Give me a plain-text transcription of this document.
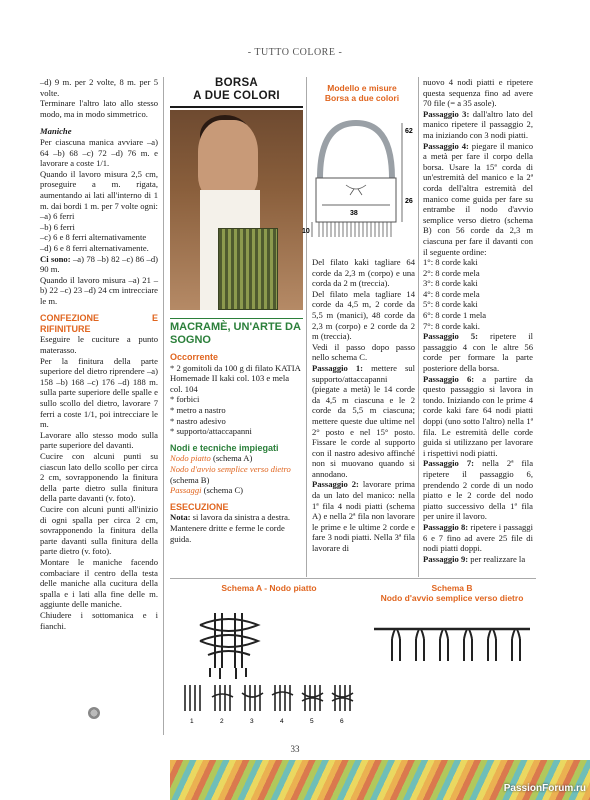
- TUTTO COLORE -

–d) 9 m. per 2 volte, 8 m. per 5 volte.

Terminare l'altro lato allo stesso modo, ma in modo simmetrico.

Maniche

Per ciascuna manica avviare –a) 64 –b) 68 –c) 72 –d) 76 m. e lavorare a coste 1/1.

Quando il lavoro misura 2,5 cm, proseguire a m. rigata, aumentando ai lati all'interno di 1 m. dai bordi 1 m. per 7 volte ogni:

–a) 6 ferri

–b) 6 ferri

–c) 6 e 8 ferri alternativamente

–d) 6 e 8 ferri alternativamente.

Ci sono: –a) 78 –b) 82 –c) 86 –d) 90 m.

Quando il lavoro misura –a) 21 –b) 22 –c) 23 –d) 24 cm intrecciare le m.

CONFEZIONE E RIFINITURE

Eseguire le cuciture a punto materasso.

Per la finitura della parte superiore del dietro riprendere –a) 158 –b) 168 –c) 176 –d) 188 m. sulla parte superiore delle spalle e sullo scollo del dietro, lavorare 7 ferri a coste 1/1, poi intrecciare le m.

Lavorare allo stesso modo sulla parte superiore del davanti.

Cucire con alcuni punti su ciascun lato dello scollo per circa 2 cm, sovrapponendo la finitura della parte dietro sulla finitura della parte davanti (v. foto).

Cucire con alcuni punti all'inizio di ogni spalla per circa 2 cm, sovrapponendo la finitura della parte davanti sulla finitura della parte dietro (v. foto).

Montare le maniche facendo combaciare il centro della testa delle maniche alla cucitura della spalla e i lati alla fine delle m. aggiunte delle maniche.

Chiudere i sottomanica e i fianchi.

BORSA
A DUE COLORI

MACRAMÈ, UN'ARTE DA SOGNO

Occorrente

* 2 gomitoli da 100 g di filato KATIA Homemade II kaki col. 103 e mela col. 104
* forbici
* metro a nastro
* nastro adesivo
* supporto/attaccapanni

Nodi e tecniche impiegati

Nodo piatto (schema A)

Nodo d'avvio semplice verso dietro (schema B)

Passaggi (schema C)

ESECUZIONE

Nota: si lavora da sinistra a destra. Mantenere dritte e ferme le corde guida.

Modello e misure
Borsa a due colori
62
26
38
10

Del filato kaki tagliare 64 corde da 2,3 m (corpo) e una corda da 2 m (treccia).

Del filato mela tagliare 14 corde da 4,5 m, 2 corde da 5,5 m (manici), 48 corde da 2,3 m (corpo) e 2 corde da 2 m (treccia).

Vedi il passo dopo passo nello schema C.

Passaggio 1: mettere sul supporto/attaccapanni (piegate a metà) le 14 corde da 4,5 m ciascuna e le 2 corde da 5,5 m ciascuna; mettere queste due ultime nel 2° posto e nel 15° posto. Fissare le corde al supporto con il nastro adesivo affinché non si muovano quando si annodano.

Passaggio 2: lavorare prima da un lato del manico: nella 1ª fila 4 nodi piatti (schema A) e nella 2ª fila non lavorare le prime e le ultime 2 corde e fare 3 nodi piatti. Nella 3ª fila lavorare di

nuovo 4 nodi piatti e ripetere questa sequenza fino ad avere 70 file (= a 35 asole).

Passaggio 3: dall'altro lato del manico ripetere il passaggio 2, ma iniziando con 3 nodi piatti.

Passaggio 4: piegare il manico a metà per fare il corpo della borsa. Usare la 15ª corda di un'estremità del manico e la 2ª corda dell'altra estremità del manico come guida per fare su entrambe il nodo d'avvio semplice verso dietro (schema B) con 56 corde da 2,3 m ciascuna per fare il davanti con il seguente ordine:

1°: 8 corde kaki

2°: 8 corde mela

3°: 8 corde kaki

4°: 8 corde mela

5°: 8 corde kaki

6°: 8 corde 1 mela

7°: 8 corde kaki.

Passaggio 5: ripetere il passaggio 4 con le altre 56 corde per formare la parte posteriore della borsa.

Passaggio 6: a partire da questo passaggio si lavora in tondo. Iniziando con le prime 4 corde kaki fare 64 nodi piatti doppi (uno sotto l'altro) nella 1ª fila. Le estremità delle corde guida si utilizzano per lavorare i rispettivi nodi piatti.

Passaggio 7: nella 2ª fila ripetere il passaggio 6, prendendo 2 corde di un nodo piatto e le 2 corde del nodo piatto successivo della 1ª fila per unire il lavoro.

Passaggio 8: ripetere i passaggi 6 e 7 fino ad avere 25 file di nodi piatti doppi.

Passaggio 9: per realizzare la

Schema A - Nodo piatto
1	2	3	4	5	6
Schema B
Nodo d'avvio semplice verso dietro
33
PassionForum.ru
